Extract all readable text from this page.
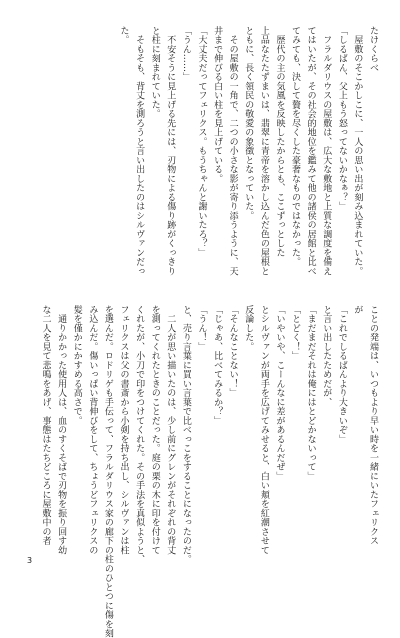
たけくらべ
　屋敷のそこかしこに、一人の思い出が刻み込まれていた。
「しるばん、父上もう怒ってないかなぁ？」
　フラルダリウスの屋敷は、広大な敷地と上質な調度を備え
てはいたが、その社会的地位を鑑みて他の諸侯の居館と比べ
てみても、決して贅を尽くした豪奢なものではなかった。
　歴代の主の気風を反映したからとも、ここずっとした
上品なたたずまいは、翡翠に青帝を溶かし込んだ色の屋根と
ともに、長く領民の敬愛の象徴となっていた。
　その屋敷の一角で、二つの小さな影が寄り添うように、天
井まで伸びる白い柱を見上げている。
「大丈夫だってフェリクス。もうちゃんと謝いたろ？」
「うん……」
　不安そうに見上げる先には、刃物による傷り跡がくっきり
と柱に刻まれていた。
　そもそも、背丈を測ろうと言い出したのはシルヴァンだっ
た。
ことの発端は、いつもより早い時を一緒にいたフェリクス
が
「これでしるばんより大きいぞ」
と言い出したためだが、
「まだまだそれは俺にはとどかないって」
「とどく！」
「いやいや、こーんなに差があるんだぜ」
とシルヴァンが両手を広げてみせると、白い頬を紅潮させて
反論した。
「そんなことない！」
「じゃあ、比べてみるか？」
「うん！」
と、売り言葉に買い言葉で比べっこをすることになったのだ。
　二人が思い描いたのは、少し前にグレンがそれぞれの背丈
を測ってくれたときのことだった。庭の栗の木に印を付けて
くれたが、小刀で印をつけてくれた。その手法を真似ようと、
フェリクスは父の書斎から小剣を持ち出し、シルヴァンは柱
を選んだ。ロドリゲも手伝って、フラルダリウス家の廊下の柱のひとつに傷を刻
み込んだ。傷いっぱい背伸びをして、ちょうどフェリクスの
髪を僅かにかすめる高さで。
　通りかかった使用人は、血のすくそばで刃物を振り回す幼
な二人を見て悲鳴をあげ、事態はたちどころに屋敷中の者
3
